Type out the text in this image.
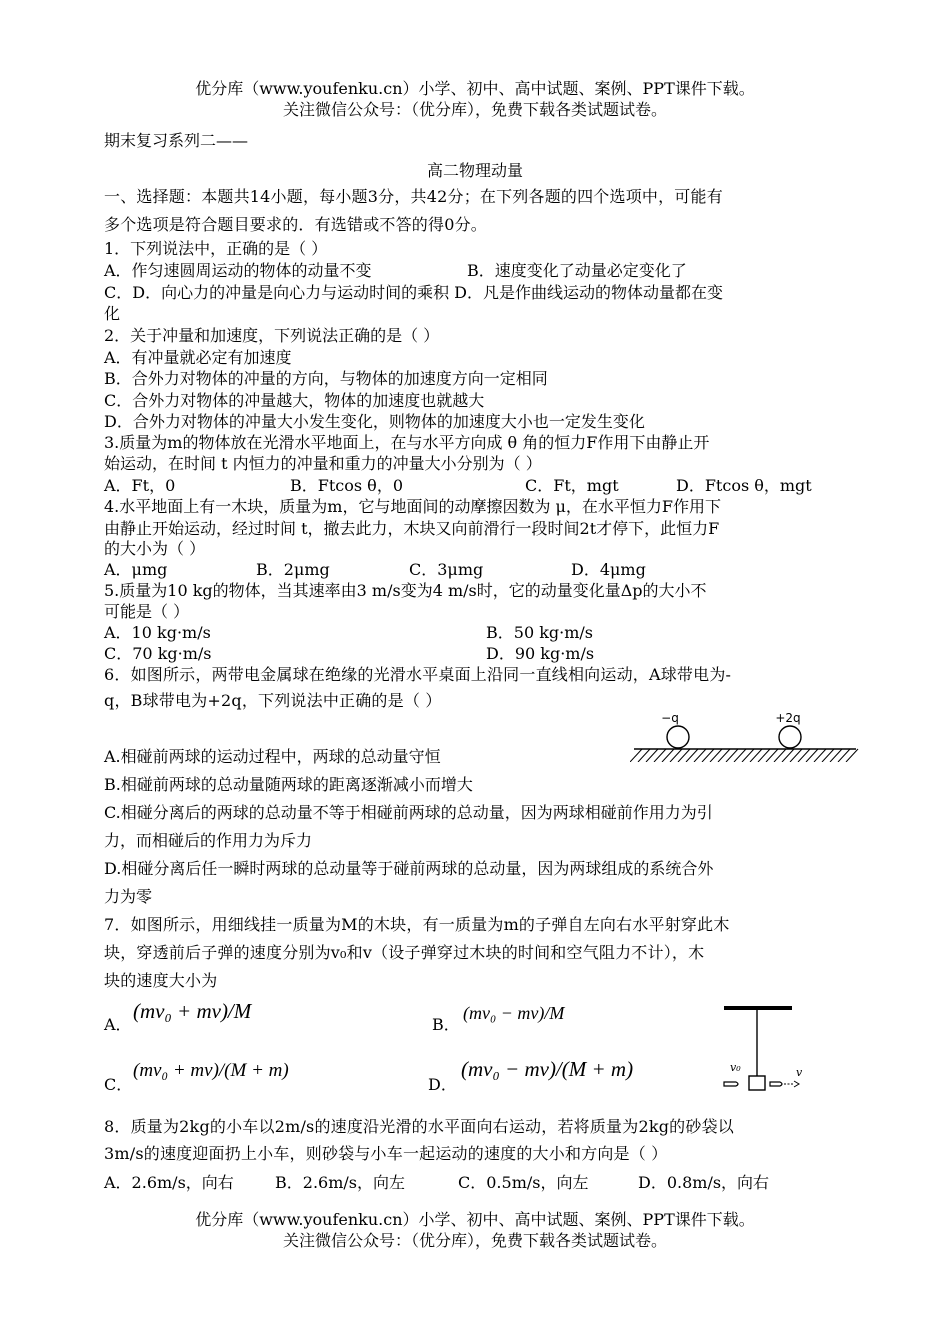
优分库（www.youfenku.cn）小学、初中、高中试题、案例、PPT课件下载。
关注微信公众号：（优分库），免费下载各类试题试卷。
期末复习系列二——
高二物理动量
一、选择题：本题共14小题，每小题3分，共42分；在下列各题的四个选项中，可能有
多个选项是符合题目要求的．有选错或不答的得0分。
1．下列说法中，正确的是（ ）
A．作匀速圆周运动的物体的动量不变	B．速度变化了动量必定变化了
C．D．向心力的冲量是向心力与运动时间的乘积 D．凡是作曲线运动的物体动量都在变
化
2．关于冲量和加速度，下列说法正确的是（ ）
A．有冲量就必定有加速度
B．合外力对物体的冲量的方向，与物体的加速度方向一定相同
C．合外力对物体的冲量越大，物体的加速度也就越大
D．合外力对物体的冲量大小发生变化，则物体的加速度大小也一定发生变化
3.质量为m的物体放在光滑水平地面上，在与水平方向成 θ 角的恒力F作用下由静止开
始运动，在时间 t 内恒力的冲量和重力的冲量大小分别为（ ）
A．Ft，0	B．Ftcos θ，0	C．Ft，mgt	D．Ftcos θ，mgt
4.水平地面上有一木块，质量为m，它与地面间的动摩擦因数为 μ，在水平恒力F作用下
由静止开始运动，经过时间 t，撤去此力，木块又向前滑行一段时间2t才停下，此恒力F
的大小为（ ）
A．μmg	B．2μmg	C．3μmg	D．4μmg
5.质量为10 kg的物体，当其速率由3 m/s变为4 m/s时，它的动量变化量Δp的大小不
可能是（ ）
A．10 kg·m/s	B．50 kg·m/s
C．70 kg·m/s	D．90 kg·m/s
6．如图所示，两带电金属球在绝缘的光滑水平桌面上沿同一直线相向运动，A球带电为-
q，B球带电为+2q，下列说法中正确的是（ ）
−q	+2q
A.相碰前两球的运动过程中，两球的总动量守恒
B.相碰前两球的总动量随两球的距离逐渐减小而增大
C.相碰分离后的两球的总动量不等于相碰前两球的总动量，因为两球相碰前作用力为引
力，而相碰后的作用力为斥力
D.相碰分离后任一瞬时两球的总动量等于碰前两球的总动量，因为两球组成的系统合外
力为零
7．如图所示，用细线挂一质量为M的木块，有一质量为m的子弹自左向右水平射穿此木
块，穿透前后子弹的速度分别为v₀和v（设子弹穿过木块的时间和空气阻力不计），木
块的速度大小为
A．
(mv₀ + mv)/M
B．
(mv₀ − mv)/M
C．
(mv₀ + mv)/(M + m)
D．
(mv₀ − mv)/(M + m)	v₀	v
8．质量为2kg的小车以2m/s的速度沿光滑的水平面向右运动，若将质量为2kg的砂袋以
3m/s的速度迎面扔上小车，则砂袋与小车一起运动的速度的大小和方向是（ ）
A．2.6m/s，向右	B．2.6m/s，向左	C．0.5m/s，向左	D．0.8m/s，向右
优分库（www.youfenku.cn）小学、初中、高中试题、案例、PPT课件下载。
关注微信公众号：（优分库），免费下载各类试题试卷。
